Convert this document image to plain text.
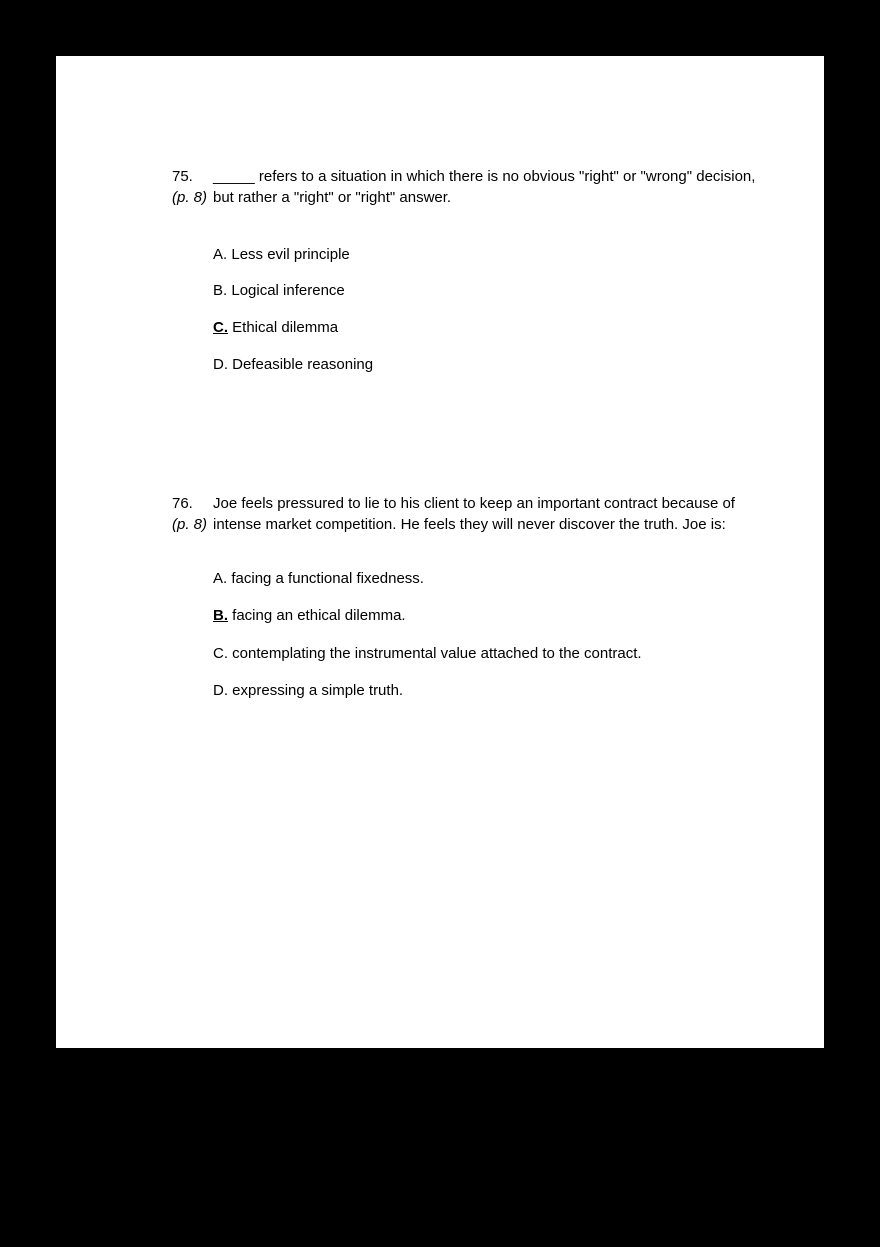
75.	_____ refers to a situation in which there is no obvious "right" or "wrong" decision,
(p. 8) but rather a "right" or "right" answer.
A. Less evil principle
B. Logical inference
C. Ethical dilemma
D. Defeasible reasoning
76.	Joe feels pressured to lie to his client to keep an important contract because of
(p. 8) intense market competition. He feels they will never discover the truth. Joe is:
A. facing a functional fixedness.
B. facing an ethical dilemma.
C. contemplating the instrumental value attached to the contract.
D. expressing a simple truth.
